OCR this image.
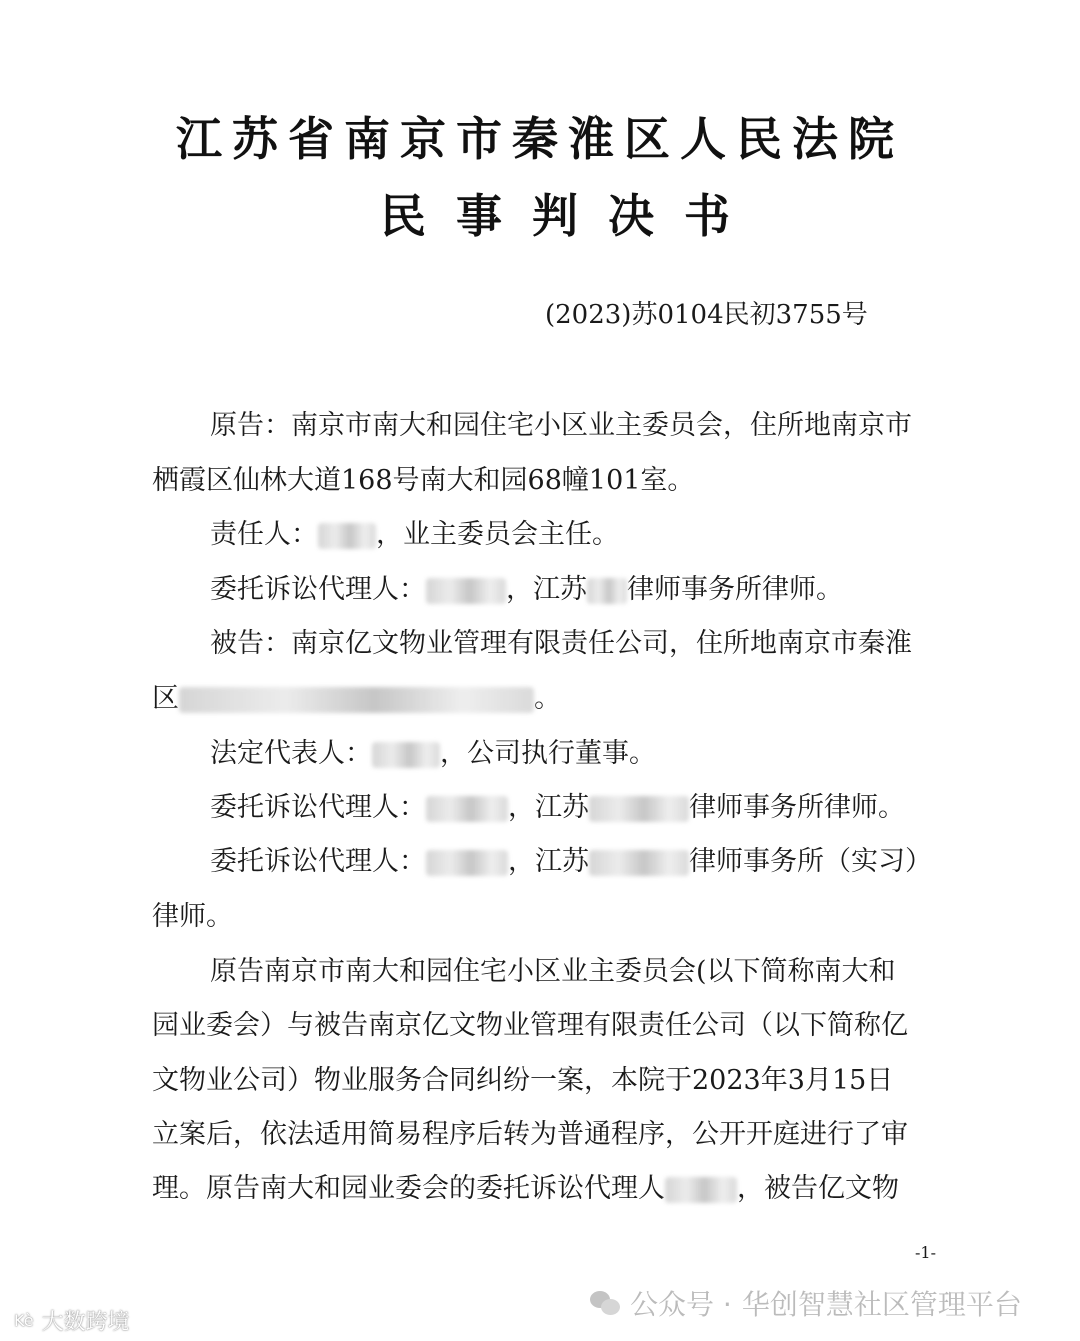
江苏省南京市秦淮区人民法院
民事判决书
(2023)苏0104民初3755号
原告：南京市南大和园住宅小区业主委员会，住所地南京市
栖霞区仙林大道168号南大和园68幢101室。
责任人： ，业主委员会主任。
委托诉讼代理人：	，江苏 律师事务所律师。
被告：南京亿文物业管理有限责任公司，住所地南京市秦淮
区	。
法定代表人：	，公司执行董事。
委托诉讼代理人：	，江苏	律师事务所律师。
委托诉讼代理人：	，江苏	律师事务所（实习）
律师。
原告南京市南大和园住宅小区业主委员会(以下简称南大和
园业委会）与被告南京亿文物业管理有限责任公司（以下简称亿
文物业公司）物业服务合同纠纷一案，本院于2023年3月15日
立案后，依法适用简易程序后转为普通程序，公开开庭进行了审
理。原告南大和园业委会的委托诉讼代理人	，被告亿文物
-1-
Kè 大数跨境
公众号 · 华创智慧社区管理平台
